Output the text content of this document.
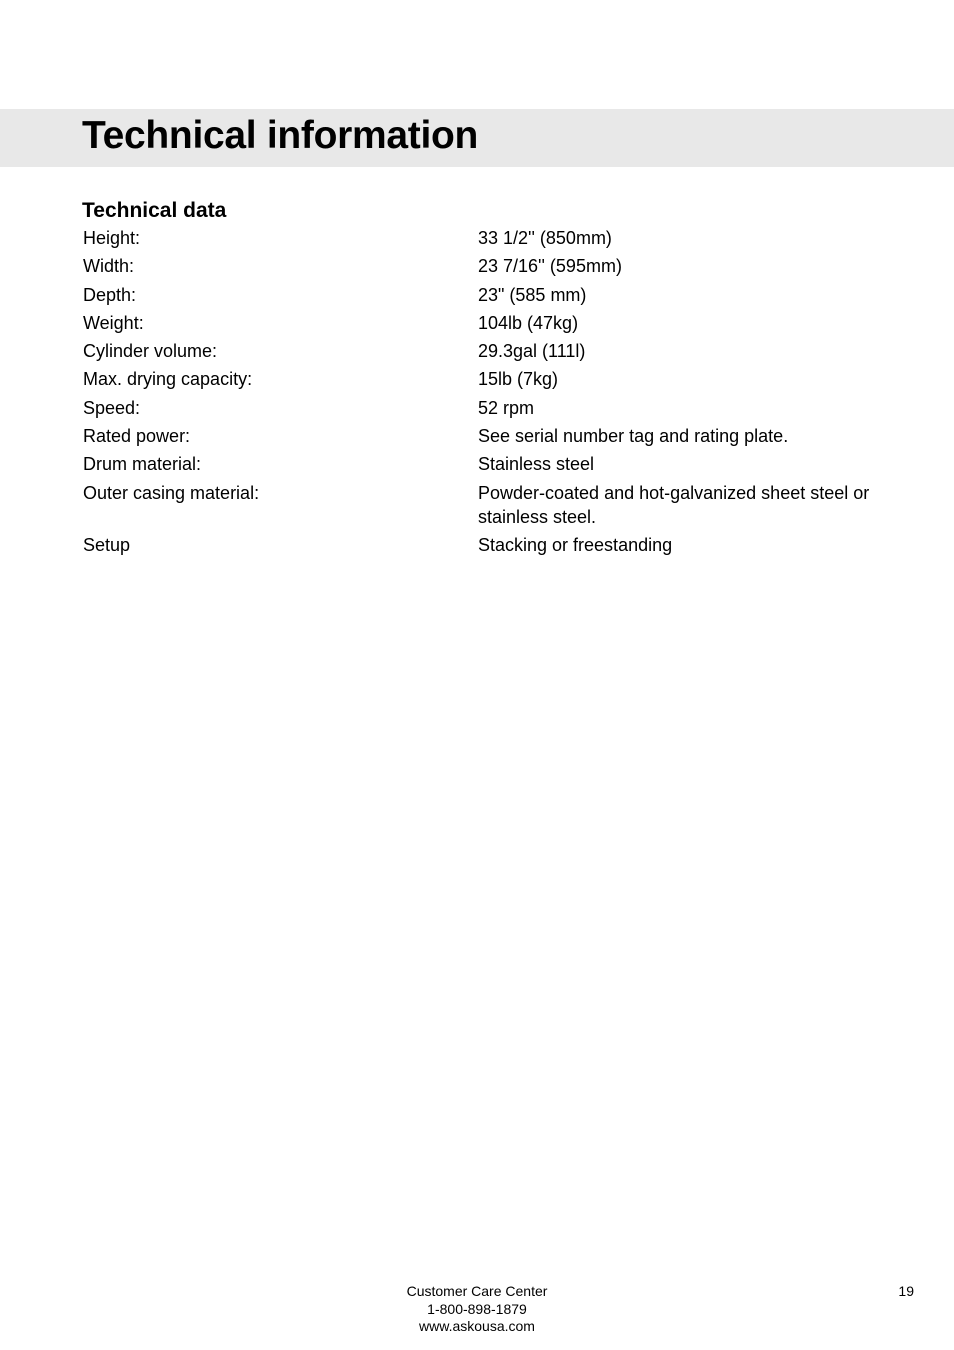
Technical information
Technical data
Height:	33 1/2'' (850mm)
Width:	23 7/16'' (595mm)
Depth:	23" (585 mm)
Weight:	104lb (47kg)
Cylinder volume:	29.3gal (111l)
Max. drying capacity:	15lb (7kg)
Speed:	52 rpm
Rated power:	See serial number tag and rating plate.
Drum material:	Stainless steel
Outer casing material:	Powder-coated and hot-galvanized sheet steel or stainless steel.
Setup	Stacking or freestanding
Customer Care Center
1-800-898-1879
www.askousa.com
19
